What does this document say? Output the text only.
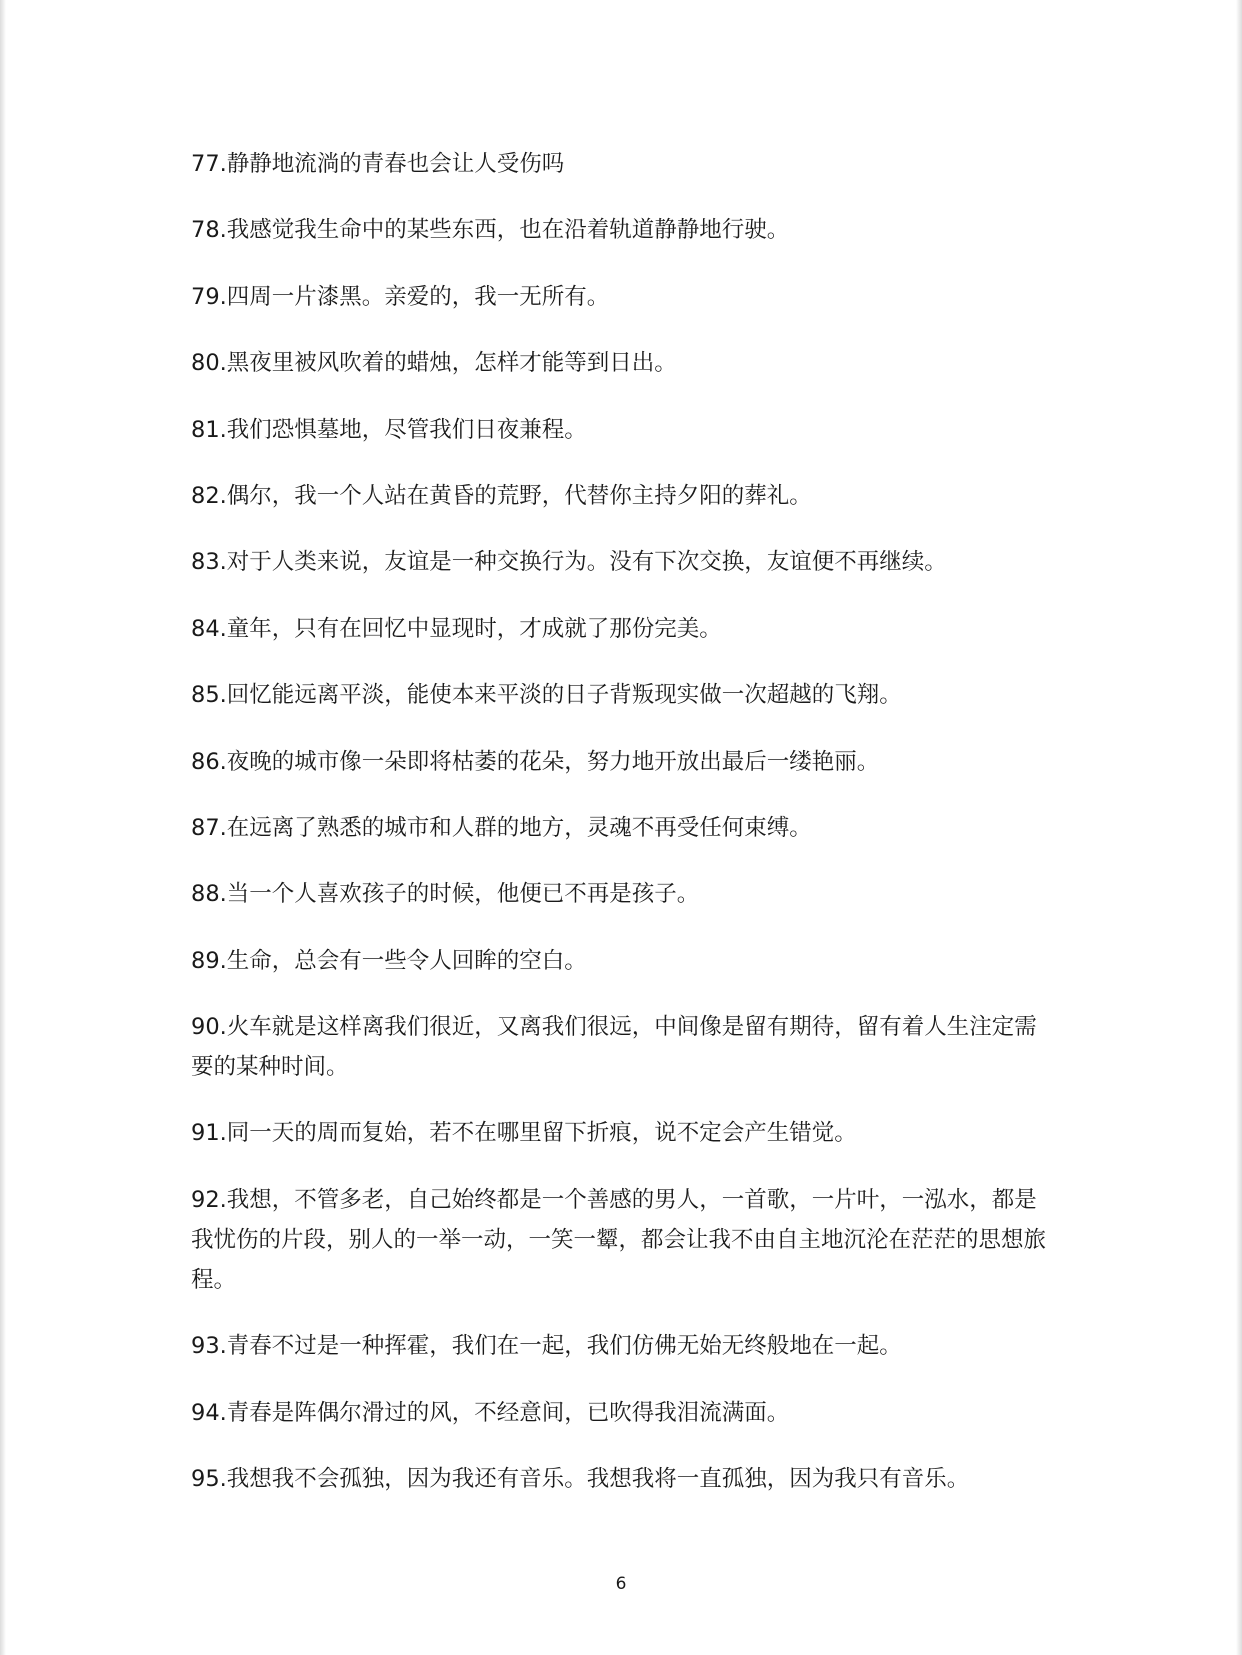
77.静静地流淌的青春也会让人受伤吗
78.我感觉我生命中的某些东西，也在沿着轨道静静地行驶。
79.四周一片漆黑。亲爱的，我一无所有。
80.黑夜里被风吹着的蜡烛，怎样才能等到日出。
81.我们恐惧墓地，尽管我们日夜兼程。
82.偶尔，我一个人站在黄昏的荒野，代替你主持夕阳的葬礼。
83.对于人类来说，友谊是一种交换行为。没有下次交换，友谊便不再继续。
84.童年，只有在回忆中显现时，才成就了那份完美。
85.回忆能远离平淡，能使本来平淡的日子背叛现实做一次超越的飞翔。
86.夜晚的城市像一朵即将枯萎的花朵，努力地开放出最后一缕艳丽。
87.在远离了熟悉的城市和人群的地方，灵魂不再受任何束缚。
88.当一个人喜欢孩子的时候，他便已不再是孩子。
89.生命，总会有一些令人回眸的空白。
90.火车就是这样离我们很近，又离我们很远，中间像是留有期待，留有着人生注定需要的某种时间。
91.同一天的周而复始，若不在哪里留下折痕，说不定会产生错觉。
92.我想，不管多老，自己始终都是一个善感的男人，一首歌，一片叶，一泓水，都是我忧伤的片段，别人的一举一动，一笑一颦，都会让我不由自主地沉沦在茫茫的思想旅程。
93.青春不过是一种挥霍，我们在一起，我们仿佛无始无终般地在一起。
94.青春是阵偶尔滑过的风，不经意间，已吹得我泪流满面。
95.我想我不会孤独，因为我还有音乐。我想我将一直孤独，因为我只有音乐。
6
